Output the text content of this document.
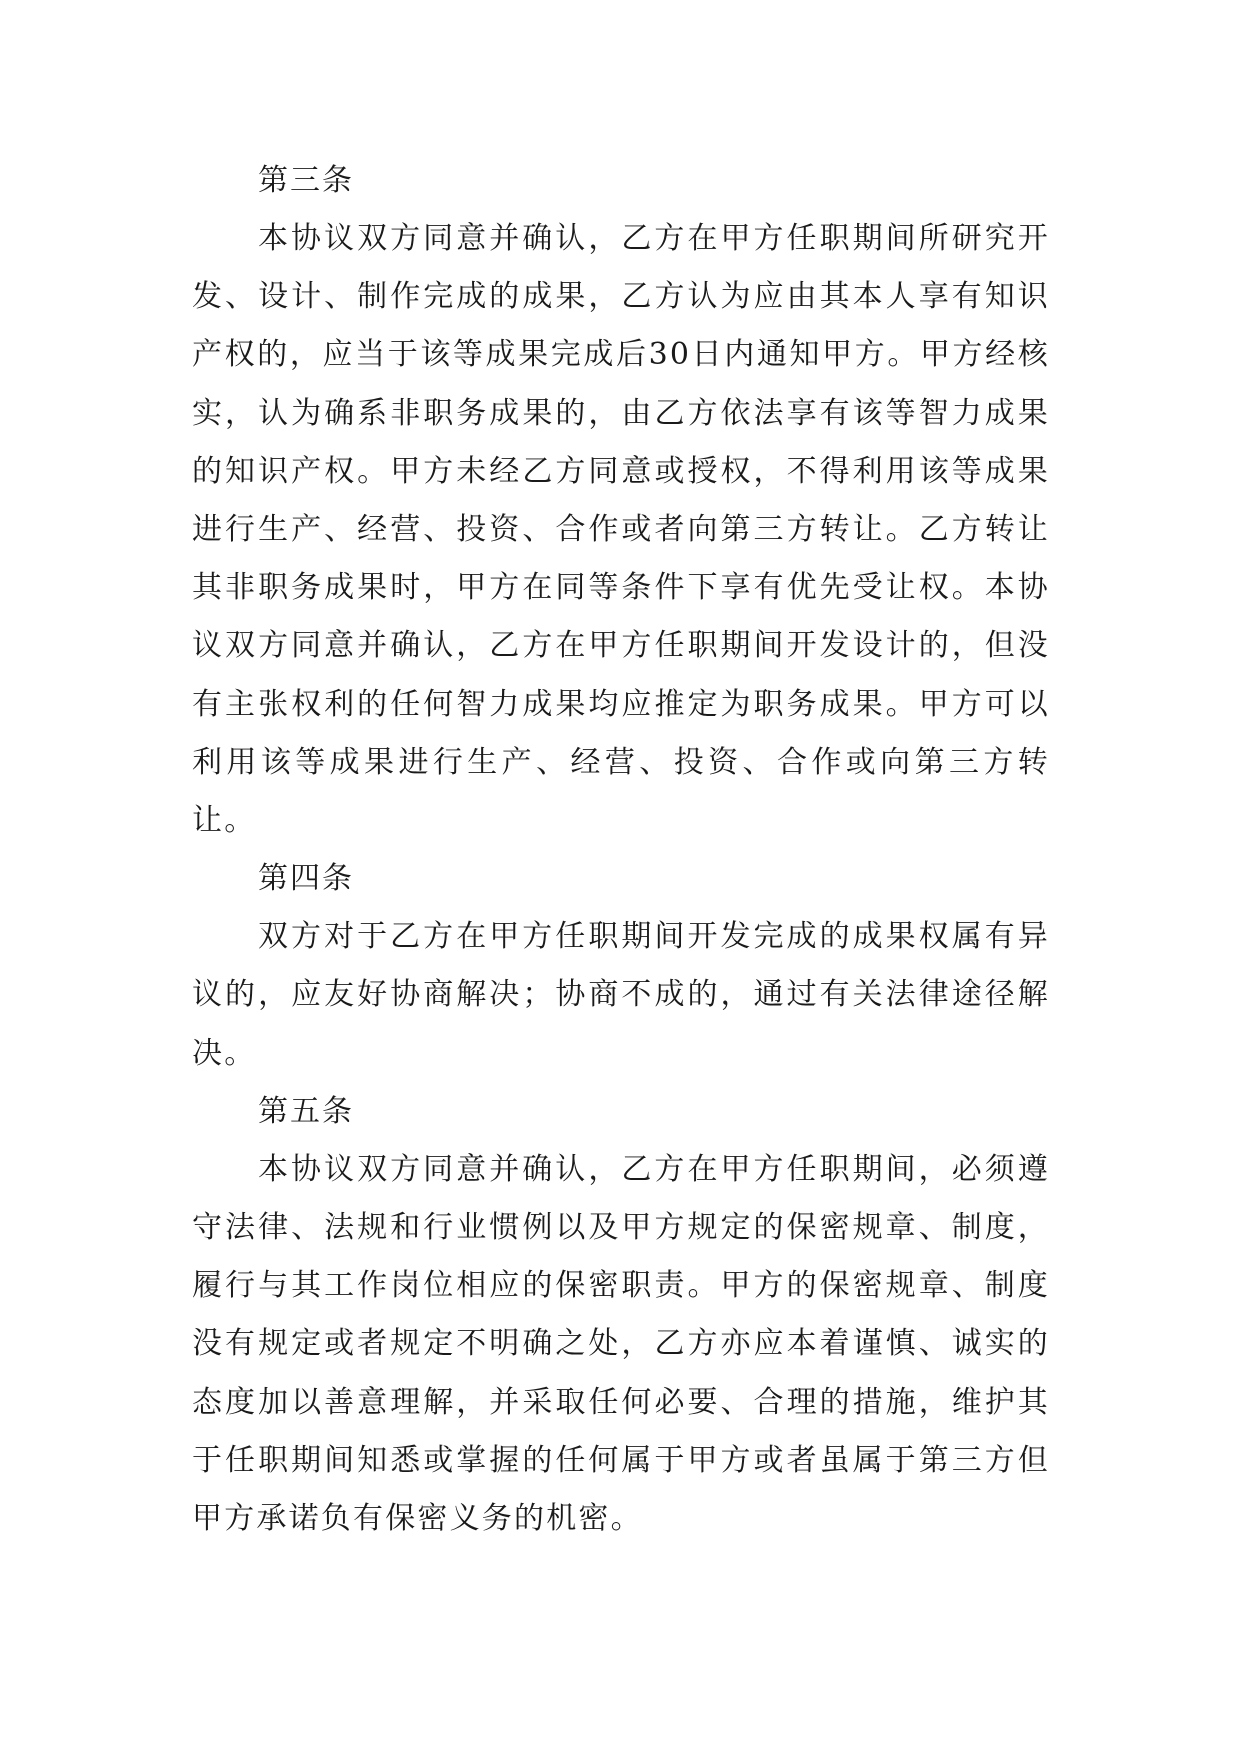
第三条
本协议双方同意并确认，乙方在甲方任职期间所研究开发、设计、制作完成的成果，乙方认为应由其本人享有知识产权的，应当于该等成果完成后30日内通知甲方。甲方经核实，认为确系非职务成果的，由乙方依法享有该等智力成果的知识产权。甲方未经乙方同意或授权，不得利用该等成果进行生产、经营、投资、合作或者向第三方转让。乙方转让其非职务成果时，甲方在同等条件下享有优先受让权。本协议双方同意并确认，乙方在甲方任职期间开发设计的，但没有主张权利的任何智力成果均应推定为职务成果。甲方可以利用该等成果进行生产、经营、投资、合作或向第三方转让。
第四条
双方对于乙方在甲方任职期间开发完成的成果权属有异议的，应友好协商解决；协商不成的，通过有关法律途径解决。
第五条
本协议双方同意并确认，乙方在甲方任职期间，必须遵守法律、法规和行业惯例以及甲方规定的保密规章、制度，履行与其工作岗位相应的保密职责。甲方的保密规章、制度没有规定或者规定不明确之处，乙方亦应本着谨慎、诚实的态度加以善意理解，并采取任何必要、合理的措施，维护其于任职期间知悉或掌握的任何属于甲方或者虽属于第三方但甲方承诺负有保密义务的机密。
